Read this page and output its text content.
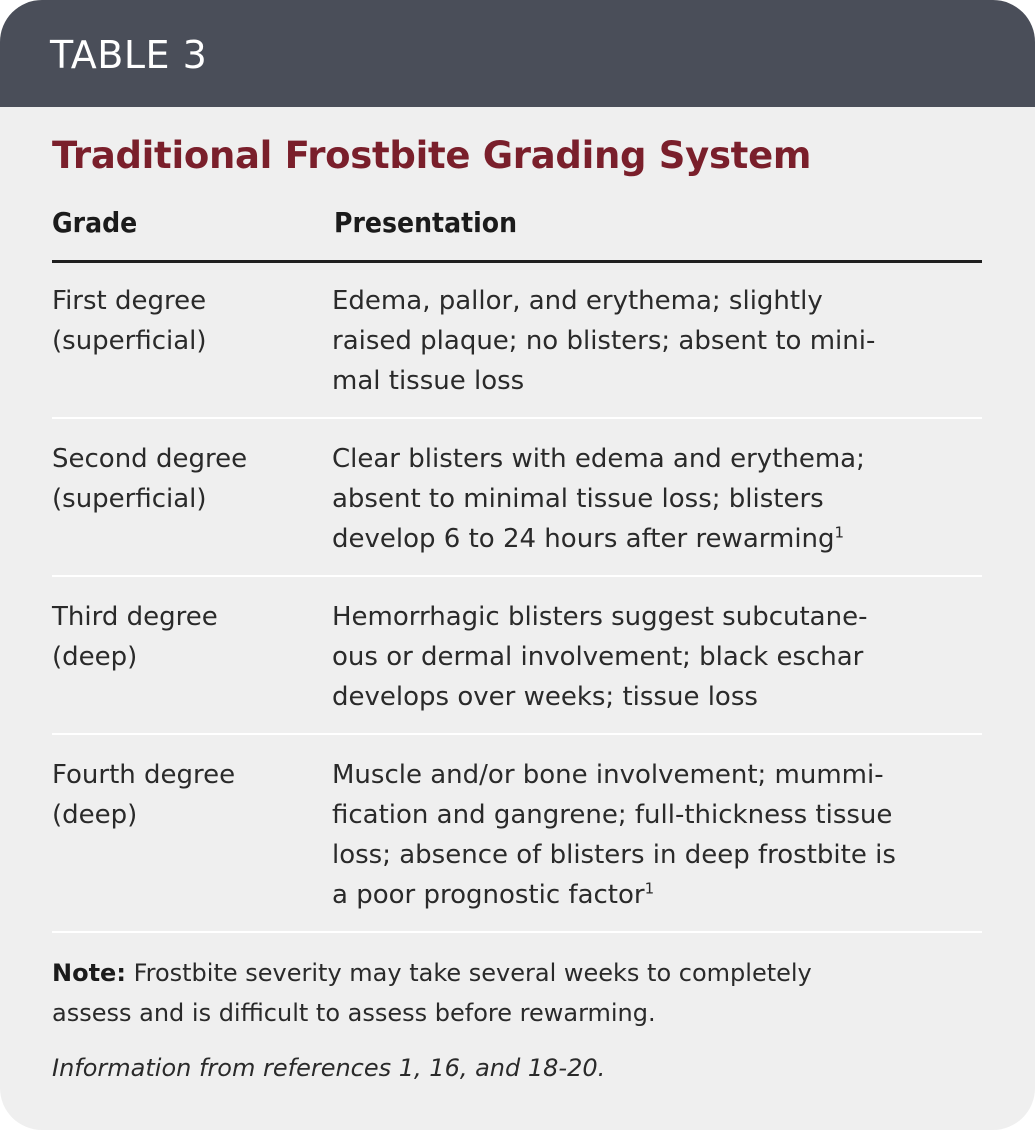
TABLE 3
Traditional Frostbite Grading System
Grade	Presentation
First degree
(superficial)
Edema, pallor, and erythema; slightly
raised plaque; no blisters; absent to mini-
mal tissue loss
Second degree
(superficial)
Clear blisters with edema and erythema;
absent to minimal tissue loss; blisters
develop 6 to 24 hours after rewarming$^1$
Third degree
(deep)
Hemorrhagic blisters suggest subcutane-
ous or dermal involvement; black eschar
develops over weeks; tissue loss
Fourth degree
(deep)
Muscle and/or bone involvement; mummi-
fication and gangrene; full-thickness tissue
loss; absence of blisters in deep frostbite is
a poor prognostic factor$^1$
Note: Frostbite severity may take several weeks to completely
assess and is difficult to assess before rewarming.
Information from references 1, 16, and 18-20.
